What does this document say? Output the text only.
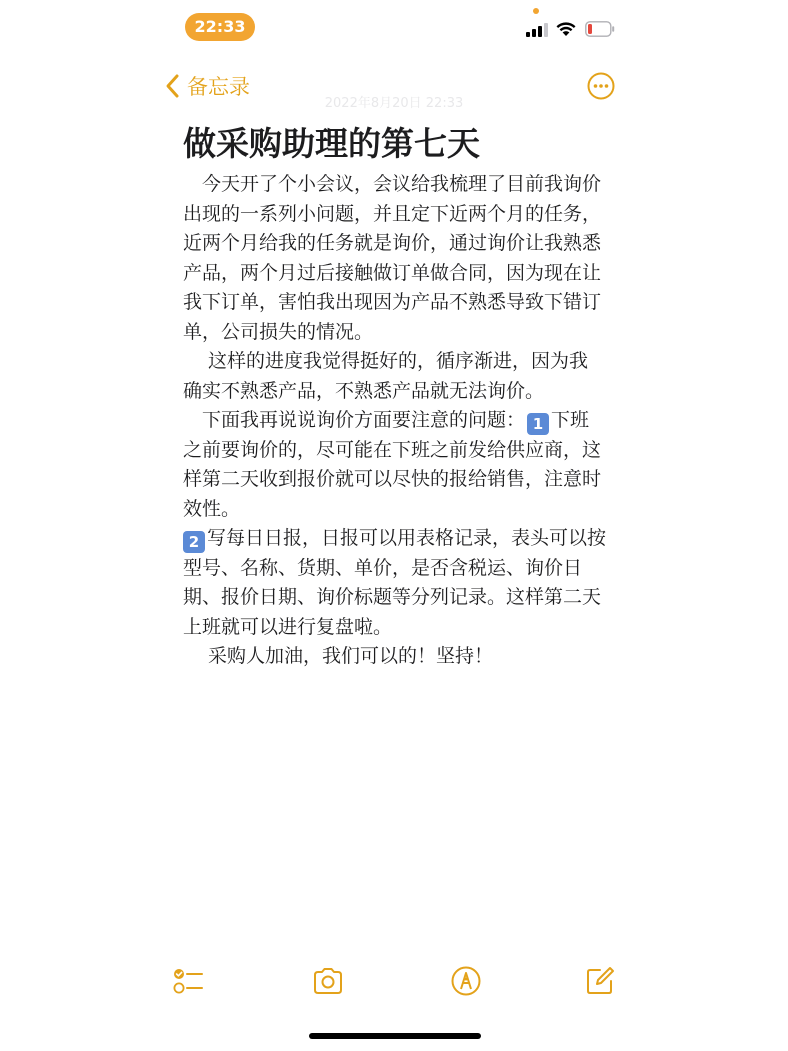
22:33
备忘录
2022年8月20日 22:33
做采购助理的第七天

　今天开了个小会议，会议给我梳理了目前我询价出现的一系列小问题，并且定下近两个月的任务，近两个月给我的任务就是询价，通过询价让我熟悉产品，两个月过后接触做订单做合同，因为现在让我下订单，害怕我出现因为产品不熟悉导致下错订单，公司损失的情况。

　 这样的进度我觉得挺好的，循序渐进，因为我确实不熟悉产品，不熟悉产品就无法询价。

　下面我再说说询价方面要注意的问题： 1 下班之前要询价的，尽可能在下班之前发给供应商，这样第二天收到报价就可以尽快的报给销售，注意时效性。

2 写每日日报，日报可以用表格记录，表头可以按型号、名称、货期、单价，是否含税运、询价日期、报价日期、询价标题等分列记录。这样第二天上班就可以进行复盘啦。

　 采购人加油，我们可以的！坚持！
